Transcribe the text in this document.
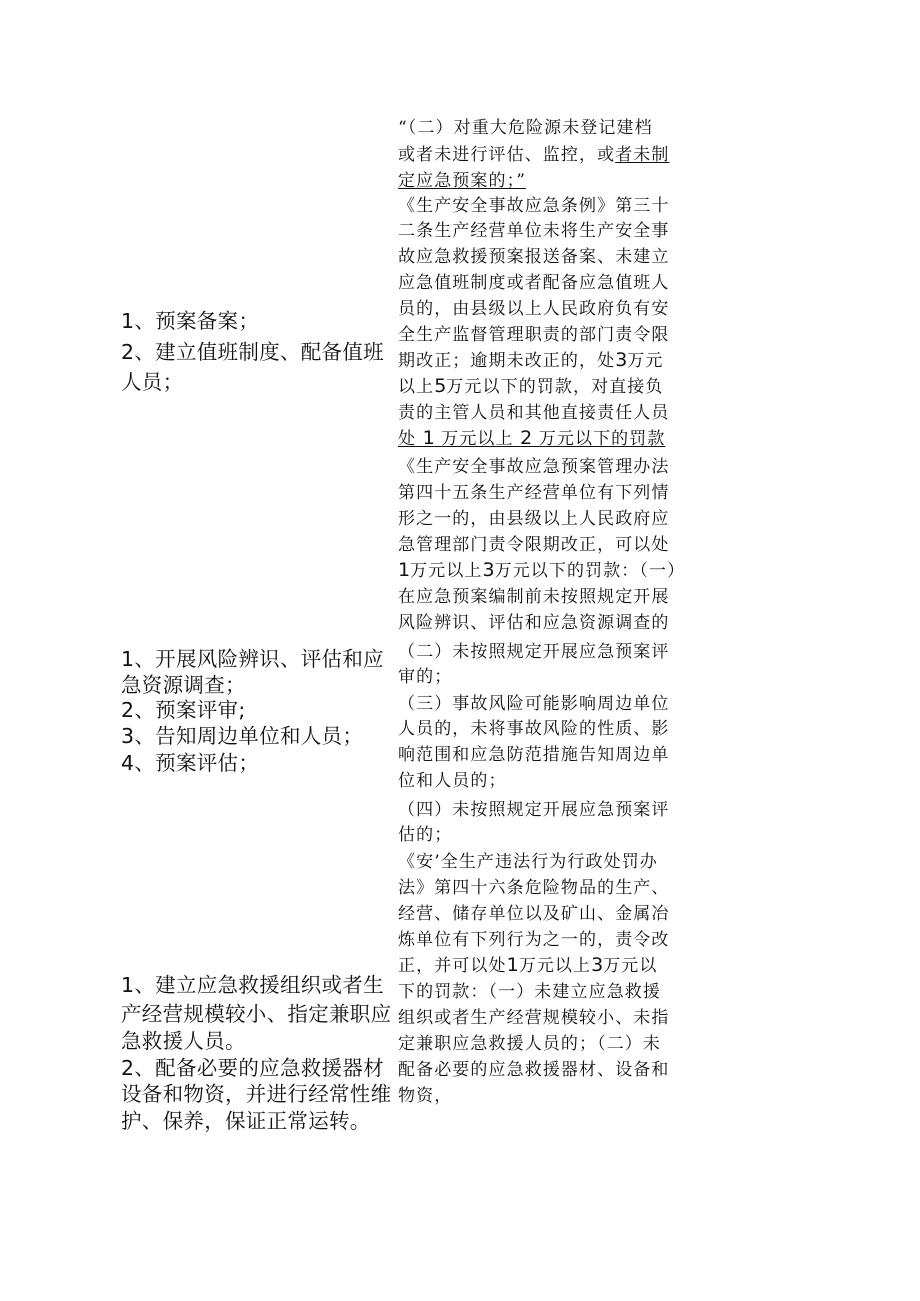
1、预案备案；
2、建立值班制度、配备值班
人员；
1、开展风险辨识、评估和应
急资源调查；
2、预案评审;
3、告知周边单位和人员；
4、预案评估；
1、建立应急救援组织或者生
产经营规模较小、指定兼职应
急救援人员。
2、配备必要的应急救援器材
设备和物资，并进行经常性维
护、保养，保证正常运转。
“（二）对重大危险源未登记建档
或者未进行评估、监控，或者未制
定应急预案的；”
《生产安全事故应急条例》第三十
二条生产经营单位未将生产安全事
故应急救援预案报送备案、未建立
应急值班制度或者配备应急值班人
员的，由县级以上人民政府负有安
全生产监督管理职责的部门责令限
期改正；逾期未改正的，处3万元
以上5万元以下的罚款，对直接负
责的主管人员和其他直接责任人员
处 1 万元以上 2 万元以下的罚款
《生产安全事故应急预案管理办法
第四十五条生产经营单位有下列情
形之一的，由县级以上人民政府应
急管理部门责令限期改正，可以处
1万元以上3万元以下的罚款：（一）
在应急预案编制前未按照规定开展
风险辨识、评估和应急资源调查的
（二）未按照规定开展应急预案评
审的；
（三）事故风险可能影响周边单位
人员的，未将事故风险的性质、影
响范围和应急防范措施告知周边单
位和人员的；
（四）未按照规定开展应急预案评
估的；
《安’全生产违法行为行政处罚办
法》第四十六条危险物品的生产、
经营、储存单位以及矿山、金属冶
炼单位有下列行为之一的，责令改
正，并可以处1万元以上3万元以
下的罚款：（一）未建立应急救援
组织或者生产经营规模较小、未指
定兼职应急救援人员的；（二）未
配备必要的应急救援器材、设备和
物资，
